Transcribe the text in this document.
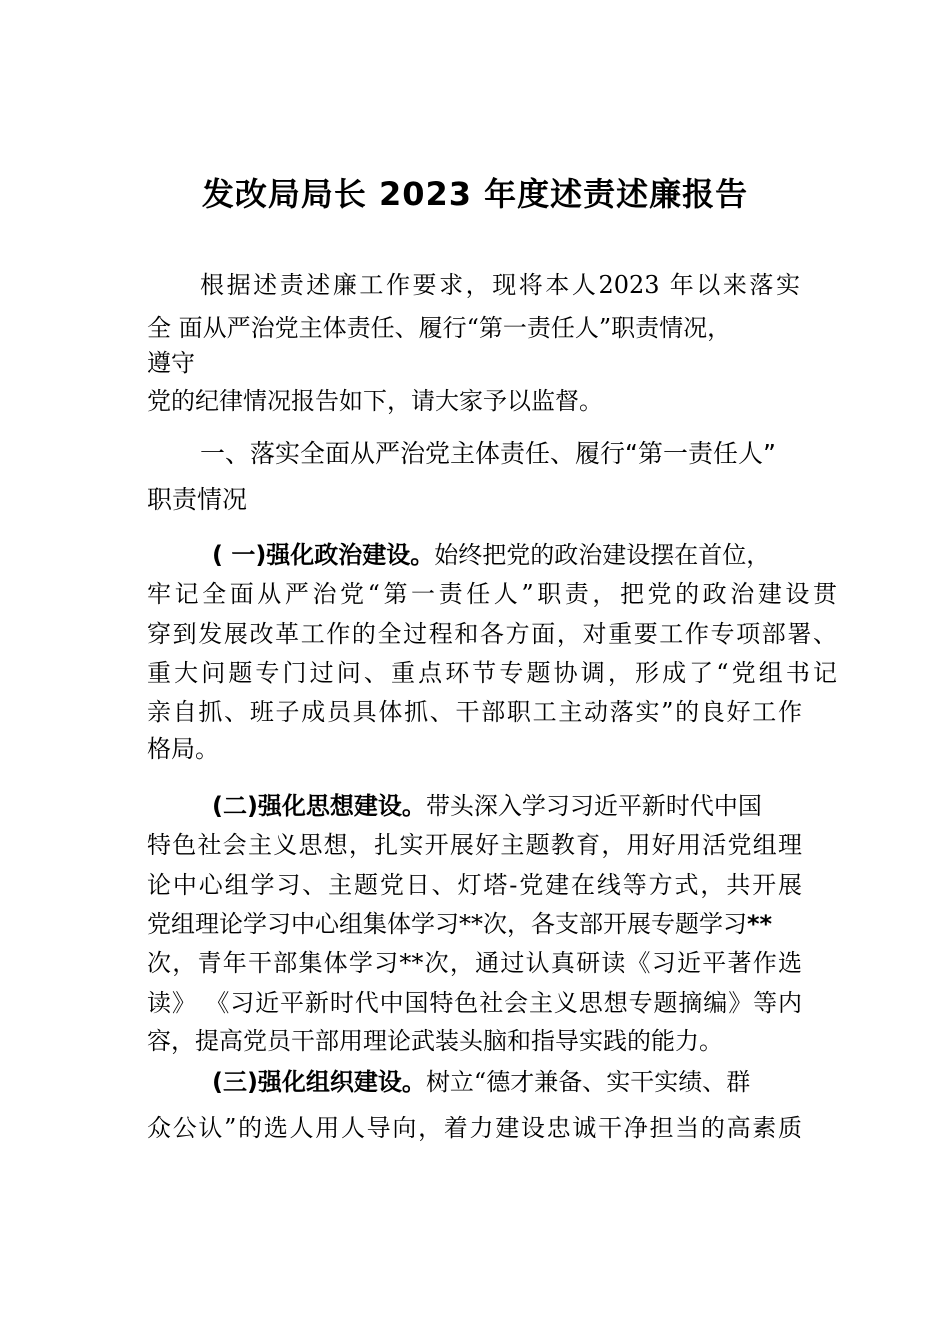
发改局局长 2023 年度述责述廉报告

根据述责述廉工作要求，现将本人2023 年以来落实

全 面从严治党主体责任、履行“第一责任人”职责情况，

遵守

党的纪律情况报告如下，请大家予以监督。

一、落实全面从严治党主体责任、履行“第一责任人”

职责情况

( 一)强化政治建设。始终把党的政治建设摆在首位，

牢记全面从严治党“第一责任人”职责，把党的政治建设贯

穿到发展改革工作的全过程和各方面，对重要工作专项部署、

重大问题专门过问、重点环节专题协调，形成了“党组书记

亲自抓、班子成员具体抓、干部职工主动落实”的良好工作

格局。

(二)强化思想建设。带头深入学习习近平新时代中国

特色社会主义思想，扎实开展好主题教育，用好用活党组理

论中心组学习、主题党日、灯塔-党建在线等方式，共开展

党组理论学习中心组集体学习**次，各支部开展专题学习**

次，青年干部集体学习**次，通过认真研读《习近平著作选

读》 《习近平新时代中国特色社会主义思想专题摘编》等内

容，提高党员干部用理论武装头脑和指导实践的能力。

(三)强化组织建设。树立“德才兼备、实干实绩、群

众公认”的选人用人导向，着力建设忠诚干净担当的高素质
